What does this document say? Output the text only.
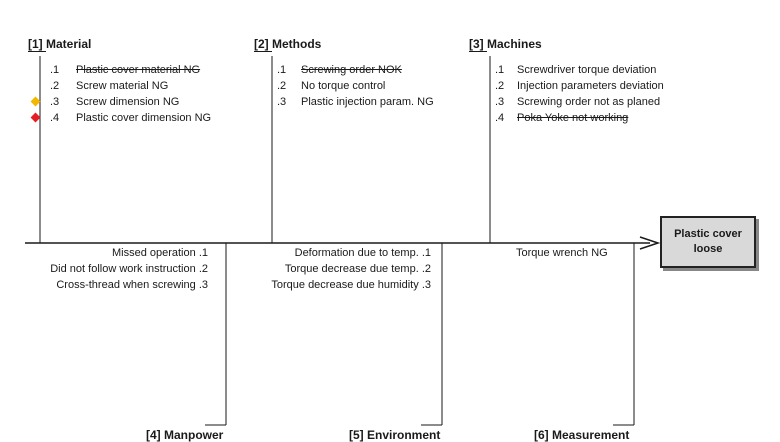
[1] Material
.1	Plastic cover material NG
.2	Screw material NG
.3	Screw dimension NG
.4	Plastic cover dimension NG
[2] Methods
.1	Screwing order NOK
.2	No torque control
.3	Plastic injection param. NG
[3] Machines
.1	Screwdriver torque deviation
.2	Injection parameters deviation
.3	Screwing order not as planed
.4	Poka Yoke not working
Plastic cover
loose
Missed operation .1
Did not follow work instruction .2
Cross-thread when screwing .3
[4] Manpower
Deformation due to temp. .1
Torque decrease due temp. .2
Torque decrease due humidity .3
[5] Environment
Torque wrench NG
[6] Measurement
